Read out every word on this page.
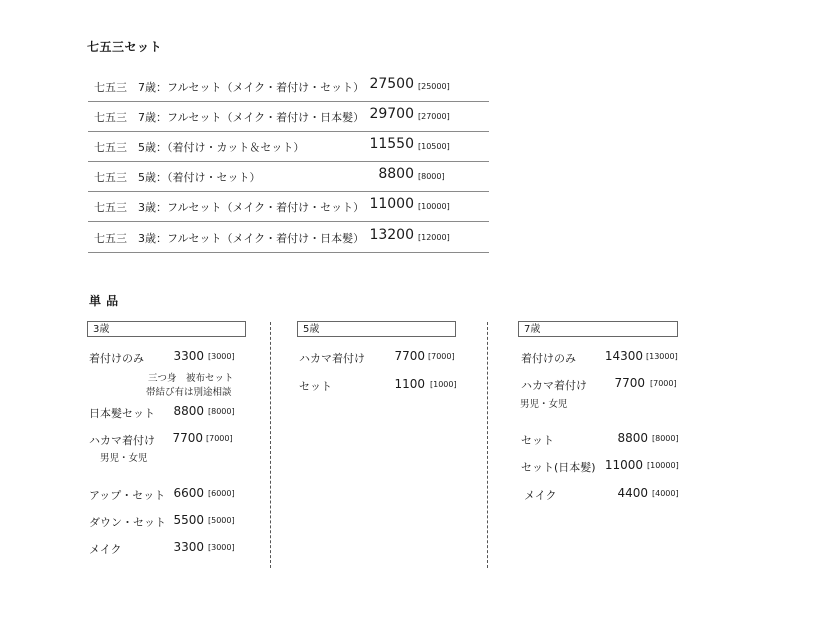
七五三セット
七五三　7歳：フルセット（メイク・着付け・セット） 27500 [25000]
七五三　7歳：フルセット（メイク・着付け・日本髪） 29700 [27000]
七五三　5歳：（着付け・カット＆セット）	11550 [10500]
七五三　5歳：（着付け・セット）	8800 [8000]
七五三　3歳：フルセット（メイク・着付け・セット） 11000 [10000]
七五三　3歳：フルセット（メイク・着付け・日本髪） 13200 [12000]
単 品
3歳
着付けのみ 3300 [3000]
三つ身　被布セット
帯結び有は別途相談
日本髪セット 8800 [8000]
ハカマ着付け 7700 [7000]
男児・女児
アップ・セット 6600 [6000]
ダウン・セット 5500 [5000]
メイク	3300 [3000]
5歳
ハカマ着付け 7700 [7000]
セット	1100 [1000]
7歳
着付けのみ 14300 [13000]
ハカマ着付け 7700 [7000]
男児・女児
セット	8800 [8000]
セット(日本髪) 11000 [10000]
メイク	4400 [4000]
